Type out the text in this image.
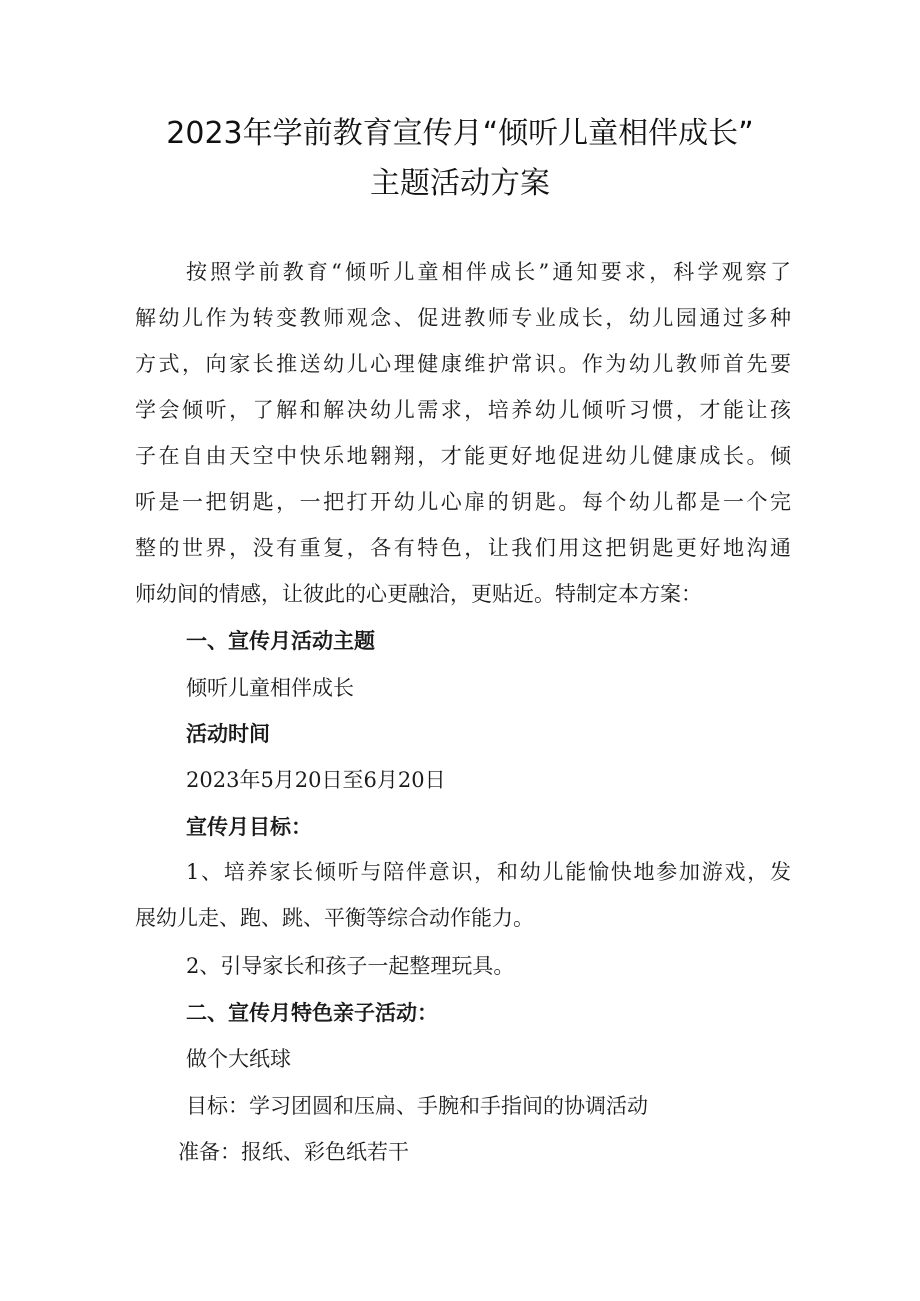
2023年学前教育宣传月“倾听儿童相伴成长”
主题活动方案
按照学前教育“倾听儿童相伴成长”通知要求，科学观察了
解幼儿作为转变教师观念、促进教师专业成长，幼儿园通过多种
方式，向家长推送幼儿心理健康维护常识。作为幼儿教师首先要
学会倾听，了解和解决幼儿需求，培养幼儿倾听习惯，才能让孩
子在自由天空中快乐地翱翔，才能更好地促进幼儿健康成长。倾
听是一把钥匙，一把打开幼儿心扉的钥匙。每个幼儿都是一个完
整的世界，没有重复，各有特色，让我们用这把钥匙更好地沟通
师幼间的情感，让彼此的心更融洽，更贴近。特制定本方案：
一、宣传月活动主题
倾听儿童相伴成长
活动时间
2023年5月20日至6月20日
宣传月目标：
1、培养家长倾听与陪伴意识，和幼儿能愉快地参加游戏，发
展幼儿走、跑、跳、平衡等综合动作能力。
2、引导家长和孩子一起整理玩具。
二、宣传月特色亲子活动：
做个大纸球
目标：学习团圆和压扁、手腕和手指间的协调活动
准备：报纸、彩色纸若干
